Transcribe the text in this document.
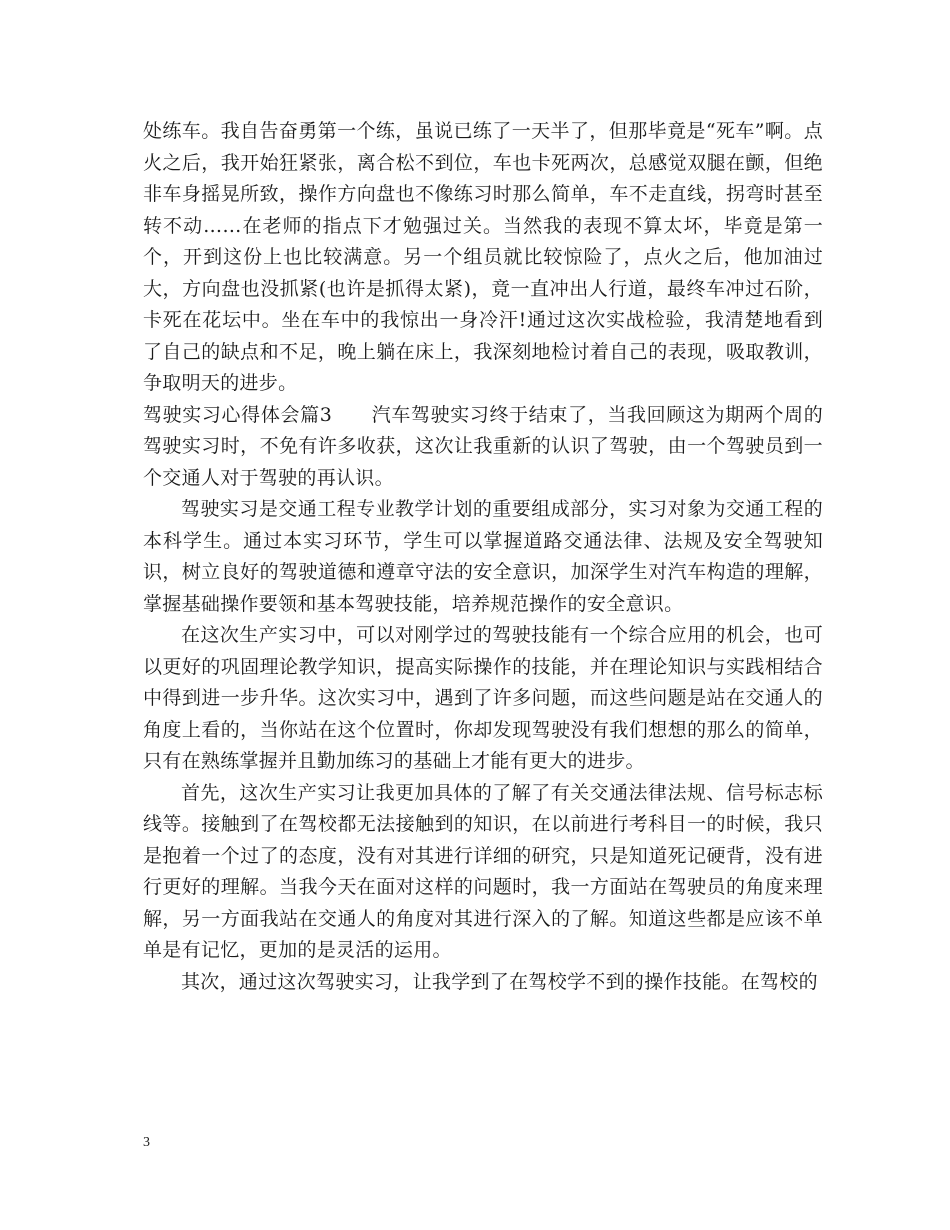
处练车。我自告奋勇第一个练，虽说已练了一天半了，但那毕竟是“死车”啊。点火之后，我开始狂紧张，离合松不到位，车也卡死两次，总感觉双腿在颤，但绝非车身摇晃所致，操作方向盘也不像练习时那么简单，车不走直线，拐弯时甚至转不动……在老师的指点下才勉强过关。当然我的表现不算太坏，毕竟是第一个，开到这份上也比较满意。另一个组员就比较惊险了，点火之后，他加油过大，方向盘也没抓紧(也许是抓得太紧)，竟一直冲出人行道，最终车冲过石阶，卡死在花坛中。坐在车中的我惊出一身冷汗!通过这次实战检验，我清楚地看到了自己的缺点和不足，晚上躺在床上，我深刻地检讨着自己的表现，吸取教训，争取明天的进步。

驾驶实习心得体会篇3　　汽车驾驶实习终于结束了，当我回顾这为期两个周的驾驶实习时，不免有许多收获，这次让我重新的认识了驾驶，由一个驾驶员到一个交通人对于驾驶的再认识。

驾驶实习是交通工程专业教学计划的重要组成部分，实习对象为交通工程的本科学生。通过本实习环节，学生可以掌握道路交通法律、法规及安全驾驶知识，树立良好的驾驶道德和遵章守法的安全意识，加深学生对汽车构造的理解，掌握基础操作要领和基本驾驶技能，培养规范操作的安全意识。

在这次生产实习中，可以对刚学过的驾驶技能有一个综合应用的机会，也可以更好的巩固理论教学知识，提高实际操作的技能，并在理论知识与实践相结合中得到进一步升华。这次实习中，遇到了许多问题，而这些问题是站在交通人的角度上看的，当你站在这个位置时，你却发现驾驶没有我们想想的那么的简单，只有在熟练掌握并且勤加练习的基础上才能有更大的进步。

首先，这次生产实习让我更加具体的了解了有关交通法律法规、信号标志标线等。接触到了在驾校都无法接触到的知识，在以前进行考科目一的时候，我只是抱着一个过了的态度，没有对其进行详细的研究，只是知道死记硬背，没有进行更好的理解。当我今天在面对这样的问题时，我一方面站在驾驶员的角度来理解，另一方面我站在交通人的角度对其进行深入的了解。知道这些都是应该不单单是有记忆，更加的是灵活的运用。

其次，通过这次驾驶实习，让我学到了在驾校学不到的操作技能。在驾校的

3
